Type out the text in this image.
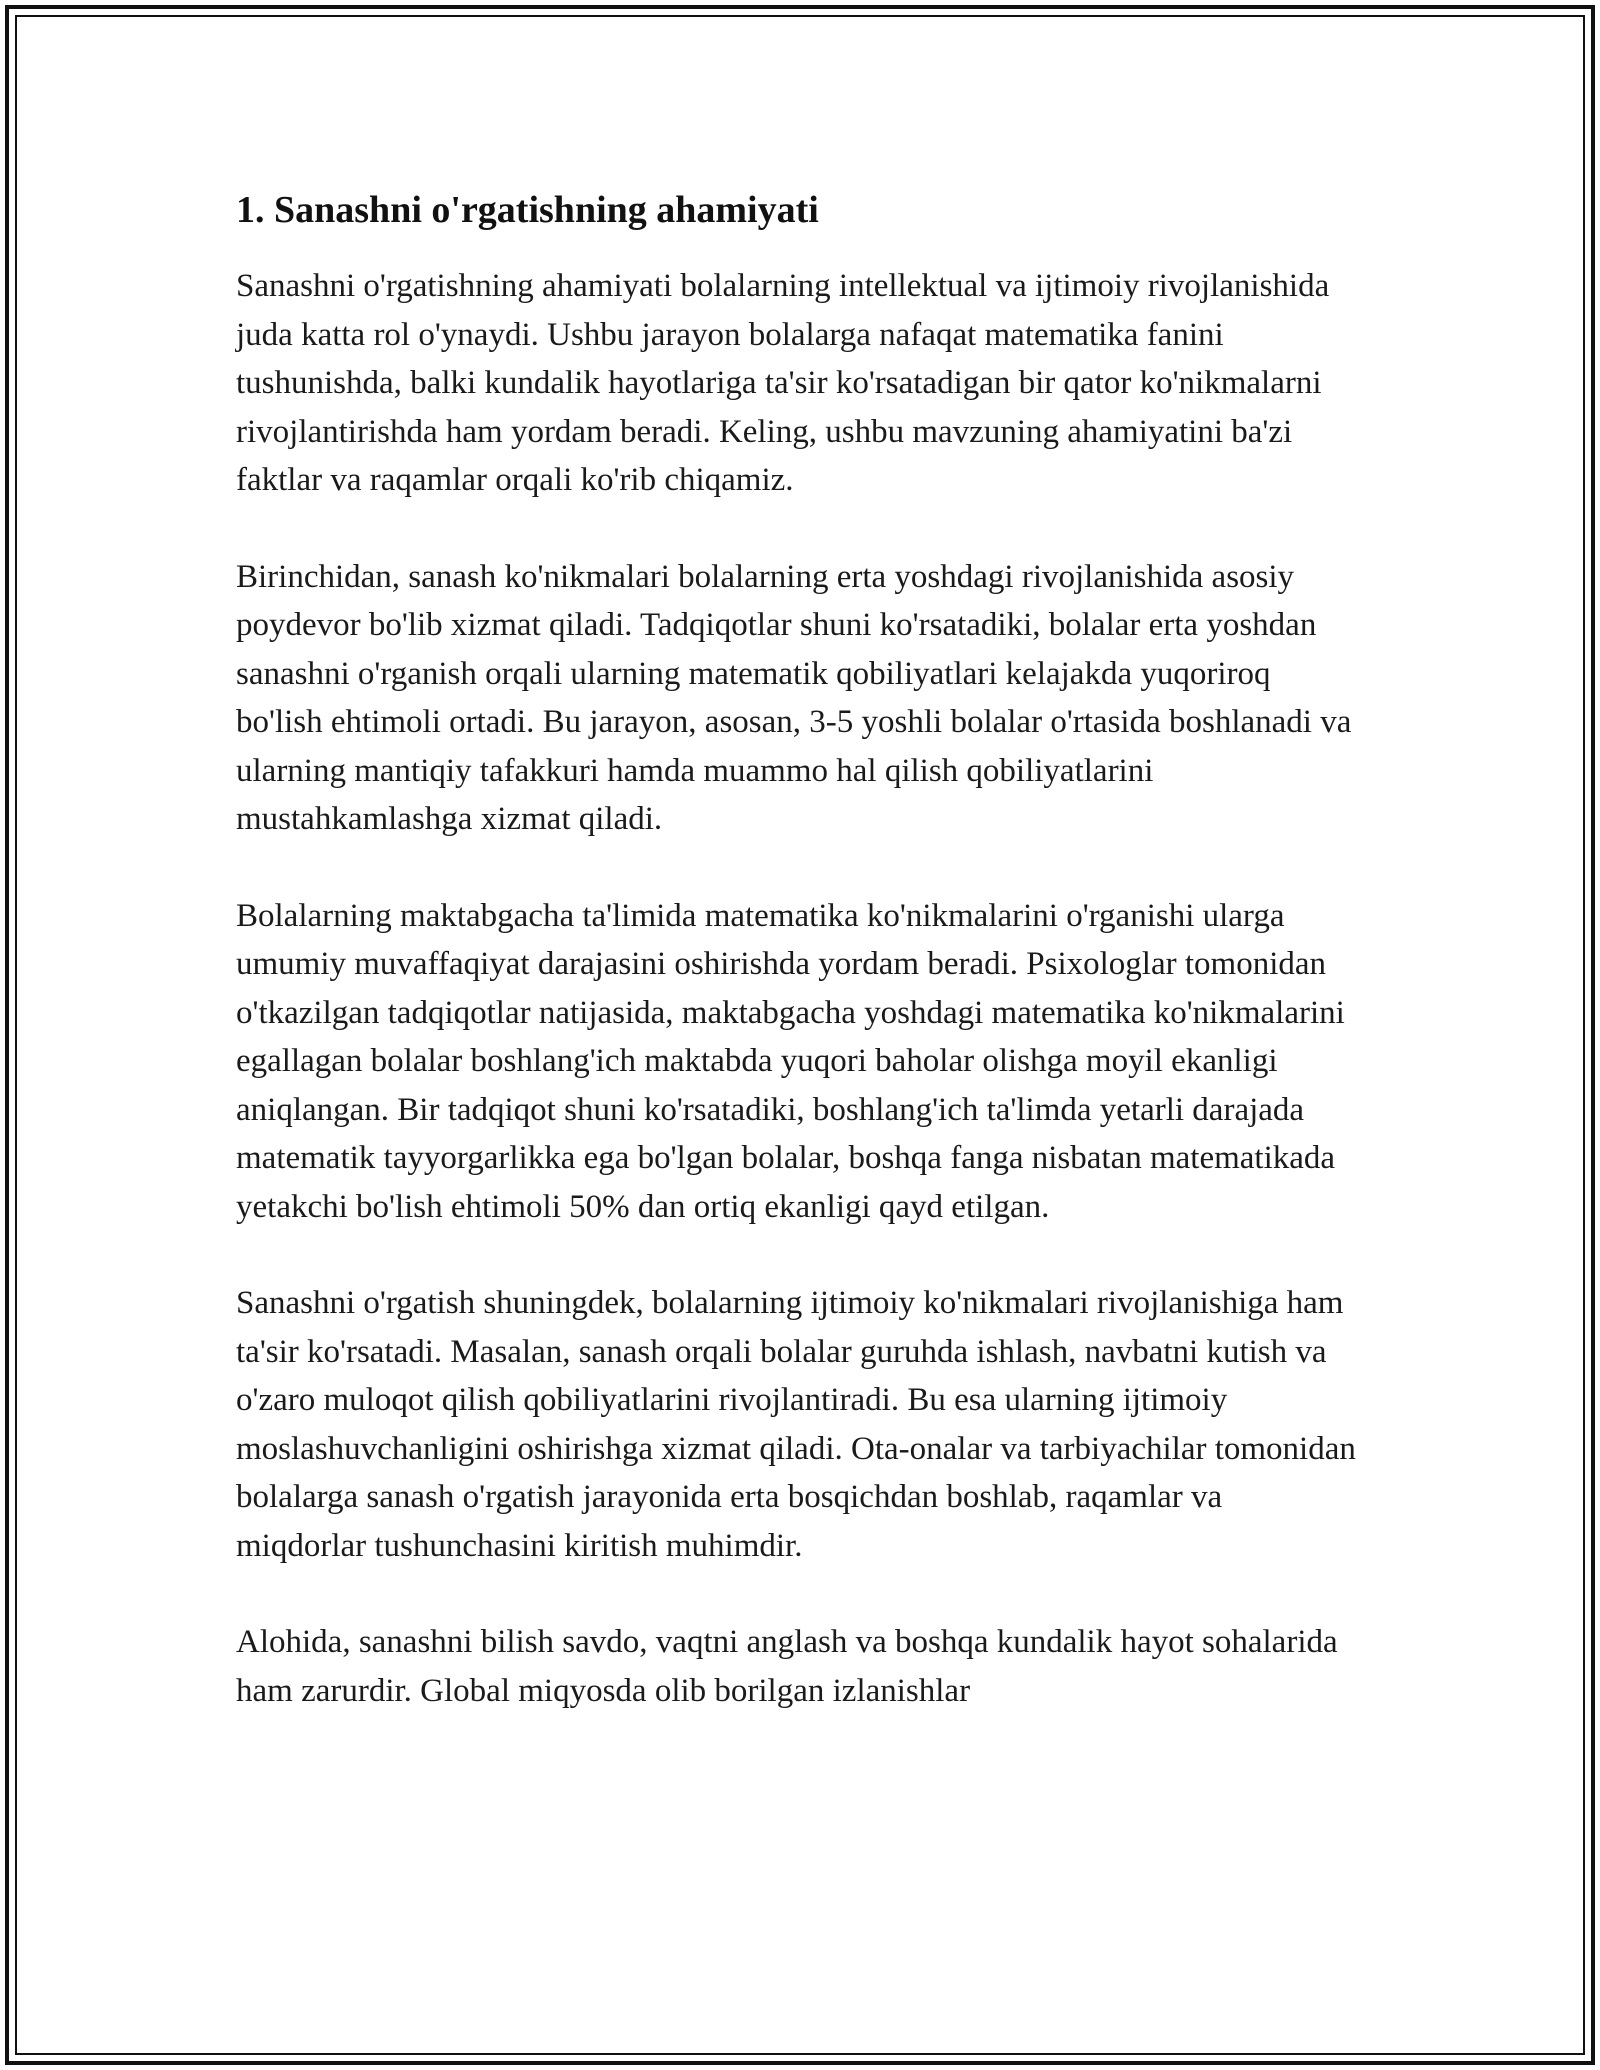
1. Sanashni o'rgatishning ahamiyati

Sanashni o'rgatishning ahamiyati bolalarning intellektual va ijtimoiy rivojlanishida juda katta rol o'ynaydi. Ushbu jarayon bolalarga nafaqat matematika fanini tushunishda, balki kundalik hayotlariga ta'sir ko'rsatadigan bir qator ko'nikmalarni rivojlantirishda ham yordam beradi. Keling, ushbu mavzuning ahamiyatini ba'zi faktlar va raqamlar orqali ko'rib chiqamiz.

Birinchidan, sanash ko'nikmalari bolalarning erta yoshdagi rivojlanishida asosiy poydevor bo'lib xizmat qiladi. Tadqiqotlar shuni ko'rsatadiki, bolalar erta yoshdan sanashni o'rganish orqali ularning matematik qobiliyatlari kelajakda yuqoriroq bo'lish ehtimoli ortadi. Bu jarayon, asosan, 3-5 yoshli bolalar o'rtasida boshlanadi va ularning mantiqiy tafakkuri hamda muammo hal qilish qobiliyatlarini mustahkamlashga xizmat qiladi.

Bolalarning maktabgacha ta'limida matematika ko'nikmalarini o'rganishi ularga umumiy muvaffaqiyat darajasini oshirishda yordam beradi. Psixologlar tomonidan o'tkazilgan tadqiqotlar natijasida, maktabgacha yoshdagi matematika ko'nikmalarini egallagan bolalar boshlang'ich maktabda yuqori baholar olishga moyil ekanligi aniqlangan. Bir tadqiqot shuni ko'rsatadiki, boshlang'ich ta'limda yetarli darajada matematik tayyorgarlikka ega bo'lgan bolalar, boshqa fanga nisbatan matematikada yetakchi bo'lish ehtimoli 50% dan ortiq ekanligi qayd etilgan.

Sanashni o'rgatish shuningdek, bolalarning ijtimoiy ko'nikmalari rivojlanishiga ham ta'sir ko'rsatadi. Masalan, sanash orqali bolalar guruhda ishlash, navbatni kutish va o'zaro muloqot qilish qobiliyatlarini rivojlantiradi. Bu esa ularning ijtimoiy moslashuvchanligini oshirishga xizmat qiladi. Ota-onalar va tarbiyachilar tomonidan bolalarga sanash o'rgatish jarayonida erta bosqichdan boshlab, raqamlar va miqdorlar tushunchasini kiritish muhimdir.

Alohida, sanashni bilish savdo, vaqtni anglash va boshqa kundalik hayot sohalarida ham zarurdir. Global miqyosda olib borilgan izlanishlar
